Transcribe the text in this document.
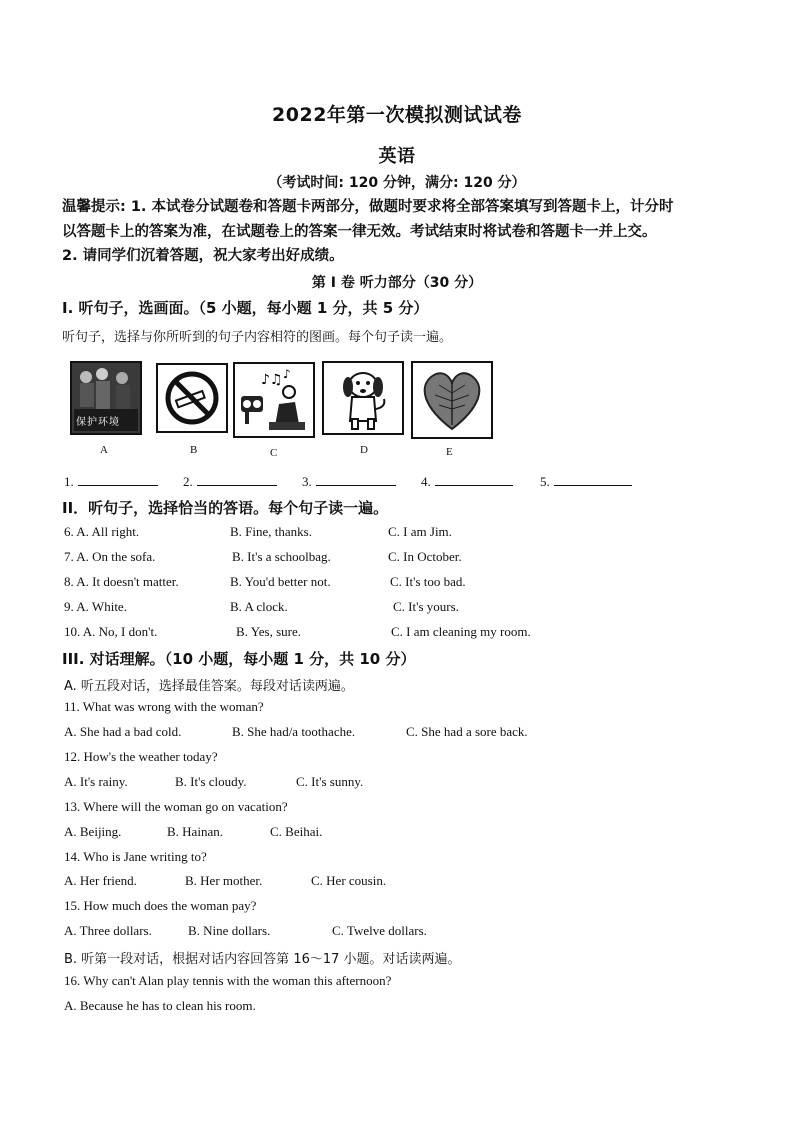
2022年第一次模拟测试试卷
英语
（考试时间: 120 分钟，满分: 120 分）
温馨提示: 1. 本试卷分试题卷和答题卡两部分，做题时要求将全部答案填写到答题卡上，计分时
以答题卡上的答案为准，在试题卷上的答案一律无效。考试结束时将试卷和答题卡一并上交。
2. 请同学们沉着答题，祝大家考出好成绩。
第 I 卷 听力部分（30 分）
I. 听句子，选画面。（5 小题，每小题 1 分，共 5 分）
听句子，选择与你所听到的句子内容相符的图画。每个句子读一遍。
保护环境
A	B
♪♫ ♪
C	D	E
1.	2.	3.	4.	5.
II．听句子，选择恰当的答语。每个句子读一遍。
6. A. All right.	B. Fine, thanks.	C. I am Jim.
7. A. On the sofa.	B. It's a schoolbag.	C. In October.
8. A. It doesn't matter.	B. You'd better not.	C. It's too bad.
9. A. White.	B. A clock.	C. It's yours.
10. A. No, I don't.	B. Yes, sure.	C. I am cleaning my room.
III. 对话理解。（10 小题，每小题 1 分，共 10 分）
A. 听五段对话，选择最佳答案。每段对话读两遍。
11. What was wrong with the woman?
A. She had a bad cold.	B. She had/a toothache.	C. She had a sore back.
12. How's the weather today?
A. It's rainy.	B. It's cloudy.	C. It's sunny.
13. Where will the woman go on vacation?
A. Beijing.	B. Hainan.	C. Beihai.
14. Who is Jane writing to?
A. Her friend.	B. Her mother.	C. Her cousin.
15. How much does the woman pay?
A. Three dollars.	B. Nine dollars.	C. Twelve dollars.
B. 听第一段对话，根据对话内容回答第 16～17 小题。对话读两遍。
16. Why can't Alan play tennis with the woman this afternoon?
A. Because he has to clean his room.
